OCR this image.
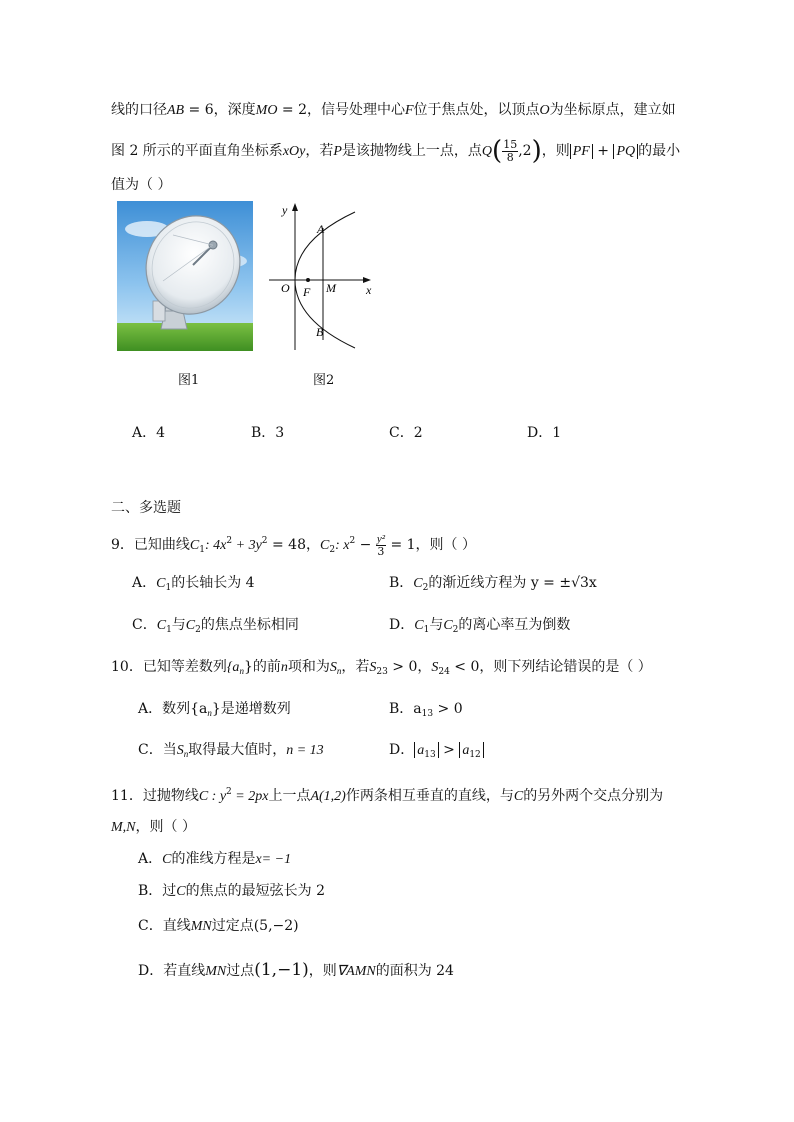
线的口径AB = 6，深度MO = 2，信号处理中心F位于焦点处，以顶点O为坐标原点，建立如
图 2 所示的平面直角坐标系xOy，若P是该抛物线上一点，点$Q( \frac{15}{8} ,2)$，则 PF + PQ 的最小
值为（ ）
y
x
O F M
A
B
图1	图2
A．4	B．3	C．2	D．1
二、多选题
9．已知曲线$C_1$: $4x^2 + 3y^2 = 48$，$C_2$: $x^2 - \frac{\text{y²}}{3} = 1$，则（ ）
A．$C_1$的长轴长为 4	B．$C_2$的渐近线方程为 y = ±√3x
C．$C_1$与$C_2$的焦点坐标相同	D．$C_1$与$C_2$的离心率互为倒数
10．已知等差数列$\{a_n\}$的前n项和为$S_n$，若$S_{23} > 0$，$S_{24} < 0$，则下列结论错误的是（ ）
A．数列$\{a_n\}$是递增数列	B．$a_{13} > 0$
C．当$S_n$取得最大值时，n = 13	D． $a_{13} > a_{12}$
11．过抛物线C : $y^2 = 2px$上一点A(1,2)作两条相互垂直的直线，与C的另外两个交点分别为
M,N，则（ ）
A．C的准线方程是x= −1
B．过C的焦点的最短弦长为 2
C．直线MN过定点(5,−2)
D．若直线MN过点(1,−1)，则∇AMN的面积为 24
